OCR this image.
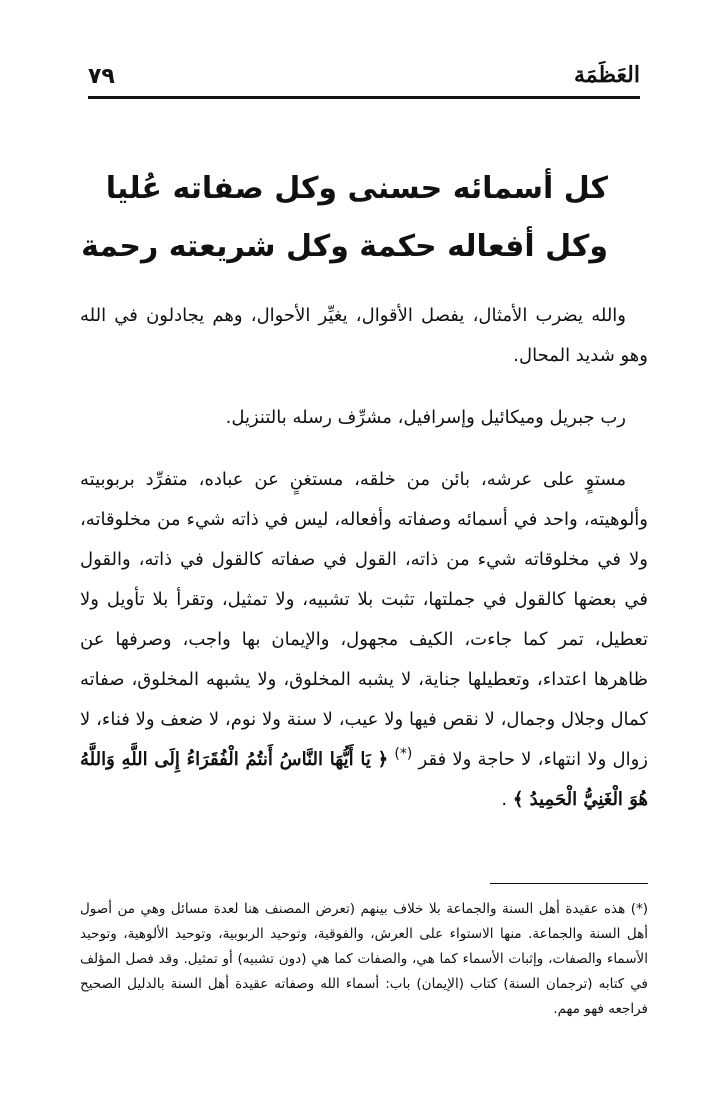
٧٩	العَظَمَة
كل أسمائه حسنى وكل صفاته عُليا
وكل أفعاله حكمة وكل شريعته رحمة

والله يضرب الأمثال، يفصل الأقوال، يغيِّر الأحوال، وهم يجادلون في الله وهو شديد المحال.

رب جبريل وميكائيل وإسرافيل، مشرِّف رسله بالتنزيل.

مستوٍ على عرشه، بائن من خلقه، مستغنٍ عن عباده، متفرِّد بربوبيته وألوهيته، واحد في أسمائه وصفاته وأفعاله، ليس في ذاته شيء من مخلوقاته، ولا في مخلوقاته شيء من ذاته، القول في صفاته كالقول في ذاته، والقول في بعضها كالقول في جملتها، تثبت بلا تشبيه، ولا تمثيل، وتقرأ بلا تأويل ولا تعطيل، تمر كما جاءت، الكيف مجهول، والإيمان بها واجب، وصرفها عن ظاهرها اعتداء، وتعطيلها جناية، لا يشبه المخلوق، ولا يشبهه المخلوق، صفاته كمال وجلال وجمال، لا نقص فيها ولا عيب، لا سنة ولا نوم، لا ضعف ولا فناء، لا زوال ولا انتهاء، لا حاجة ولا فقر (*) ﴿ يَا أَيُّهَا النَّاسُ أَنتُمُ الْفُقَرَاءُ إِلَى اللَّهِ وَاللَّهُ هُوَ الْغَنِيُّ الْحَمِيدُ ﴾ .

(*) هذه عقيدة أهل السنة والجماعة بلا خلاف بينهم (تعرض المصنف هنا لعدة مسائل وهي من أصول أهل السنة والجماعة. منها الاستواء على العرش، والفوقية، وتوحيد الربوبية، وتوحيد الألوهية، وتوحيد الأسماء والصفات، وإثبات الأسماء كما هي، والصفات كما هي (دون تشبيه) أو تمثيل. وقد فصل المؤلف في كتابه (ترجمان السنة) كتاب (الإيمان) باب: أسماء الله وصفاته عقيدة أهل السنة بالدليل الصحيح فراجعه فهو مهم.
